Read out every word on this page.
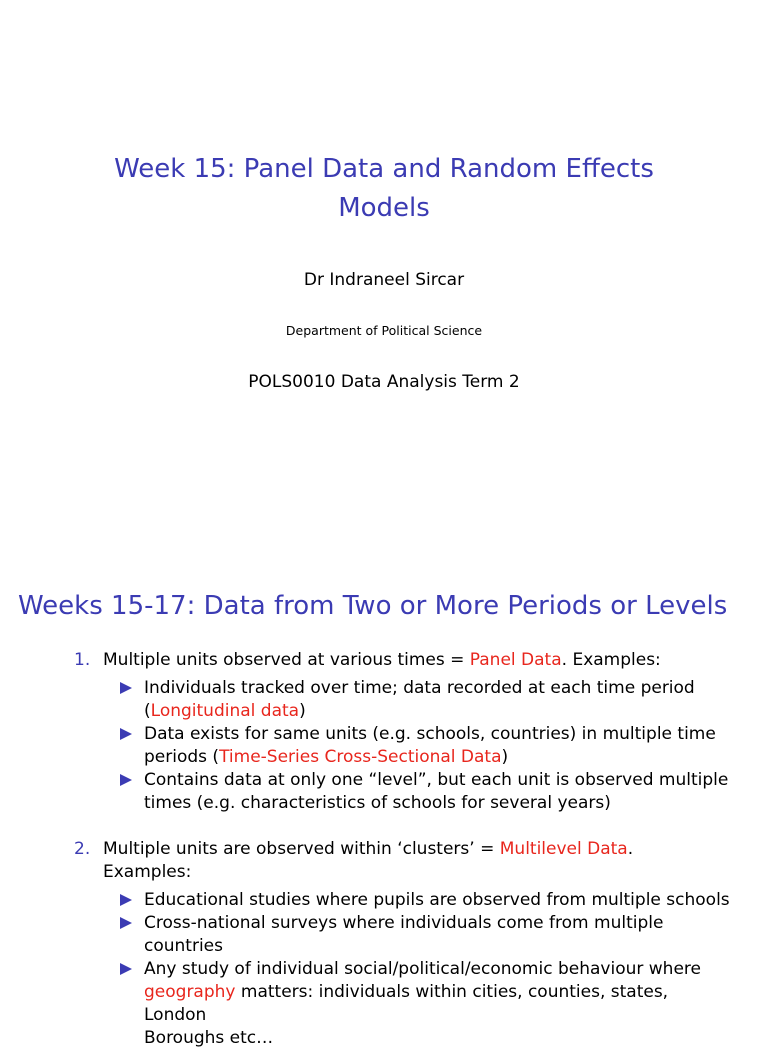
Week 15: Panel Data and Random Effects
Models
Dr Indraneel Sircar
Department of Political Science
POLS0010 Data Analysis Term 2
Weeks 15-17: Data from Two or More Periods or Levels
1. Multiple units observed at various times = Panel Data. Examples:
Individuals tracked over time; data recorded at each time period
(Longitudinal data)
Data exists for same units (e.g. schools, countries) in multiple time
periods (Time-Series Cross-Sectional Data)
Contains data at only one “level”, but each unit is observed multiple
times (e.g. characteristics of schools for several years)
2. Multiple units are observed within ‘clusters’ = Multilevel Data.
Examples:
Educational studies where pupils are observed from multiple schools
Cross-national surveys where individuals come from multiple
countries
Any study of individual social/political/economic behaviour where
geography matters: individuals within cities, counties, states, London
Boroughs etc…
